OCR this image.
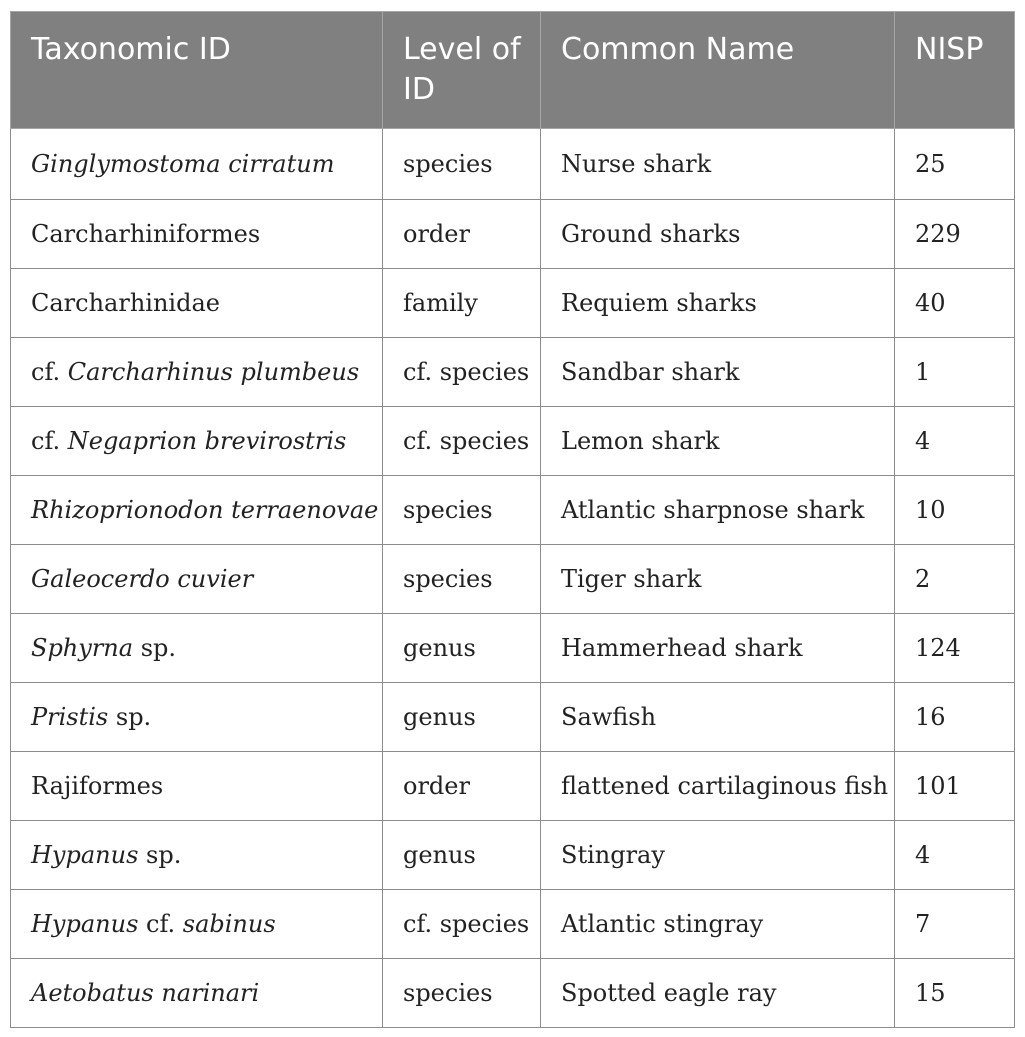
Taxonomic ID	Level of ID	Common Name	NISP
Ginglymostoma cirratum	species	Nurse shark	25
Carcharhiniformes	order	Ground sharks	229
Carcharhinidae	family	Requiem sharks	40
cf. Carcharhinus plumbeus	cf. species	Sandbar shark	1
cf. Negaprion brevirostris	cf. species	Lemon shark	4
Rhizoprionodon terraenovae	species	Atlantic sharpnose shark	10
Galeocerdo cuvier	species	Tiger shark	2
Sphyrna sp.	genus	Hammerhead shark	124
Pristis sp.	genus	Sawfish	16
Rajiformes	order	flattened cartilaginous fish	101
Hypanus sp.	genus	Stingray	4
Hypanus cf. sabinus	cf. species	Atlantic stingray	7
Aetobatus narinari	species	Spotted eagle ray	15
